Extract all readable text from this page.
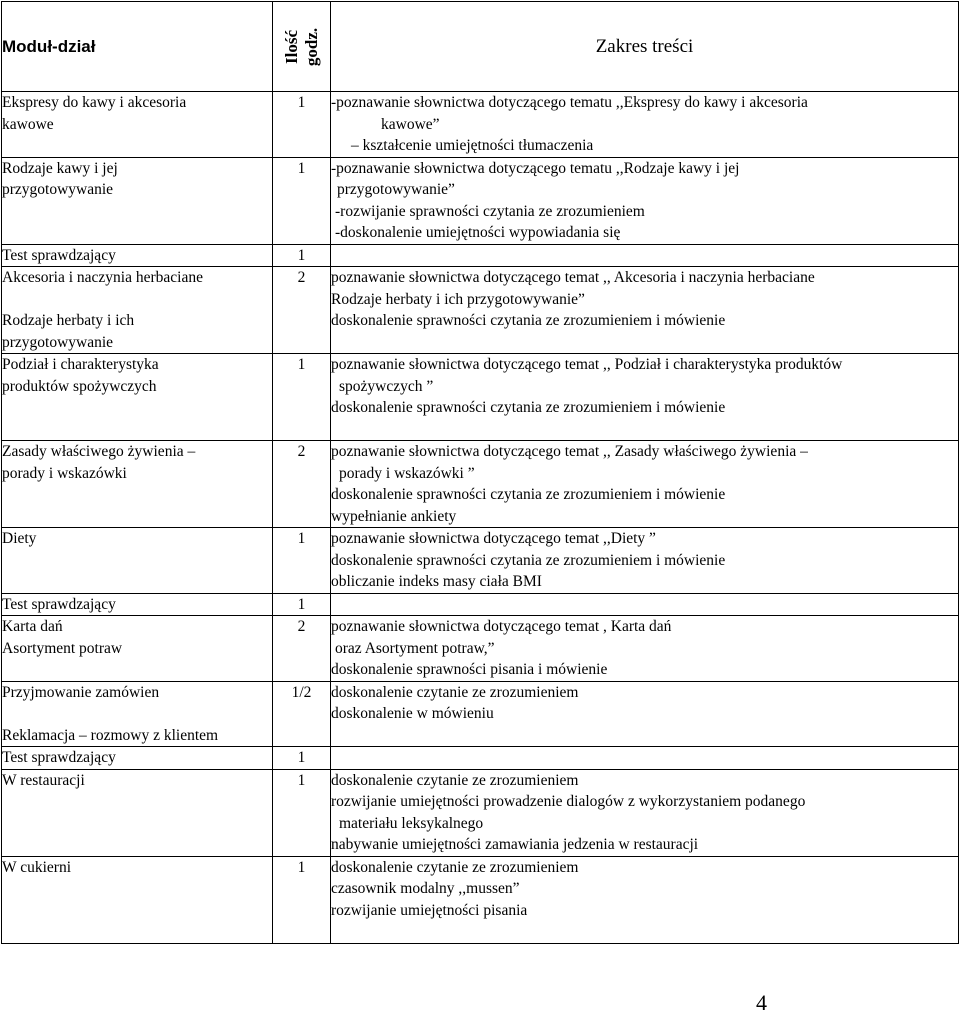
Moduł-dział	Ilość godz.	Zakres treści

Ekspresy do kawy i akcesoria
kawowe	1	-poznawanie słownictwa dotyczącego tematu ,,Ekspresy do kawy i akcesoria
kawowe”
– kształcenie umiejętności tłumaczenia

Rodzaje kawy i jej
przygotowywanie	1	-poznawanie słownictwa dotyczącego tematu ,,Rodzaje kawy i jej
przygotowywanie”
-rozwijanie sprawności czytania ze zrozumieniem
-doskonalenie umiejętności wypowiadania się

Test sprawdzający	1	

Akcesoria i naczynia herbaciane

Rodzaje herbaty i ich
przygotowywanie	2	poznawanie słownictwa dotyczącego temat ,, Akcesoria i naczynia herbaciane
Rodzaje herbaty i ich przygotowywanie”
doskonalenie sprawności czytania ze zrozumieniem i mówienie

Podział i charakterystyka
produktów spożywczych	1	poznawanie słownictwa dotyczącego temat ,, Podział i charakterystyka produktów
spożywczych ”
doskonalenie sprawności czytania ze zrozumieniem i mówienie

Zasady właściwego żywienia –
porady i wskazówki	2	poznawanie słownictwa dotyczącego temat ,, Zasady właściwego żywienia –
porady i wskazówki ”
doskonalenie sprawności czytania ze zrozumieniem i mówienie
wypełnianie ankiety

Diety	1	poznawanie słownictwa dotyczącego temat ,,Diety ”
doskonalenie sprawności czytania ze zrozumieniem i mówienie
obliczanie indeks masy ciała BMI

Test sprawdzający	1	

Karta dań
Asortyment potraw	2	poznawanie słownictwa dotyczącego temat , Karta dań
oraz Asortyment potraw,”
doskonalenie sprawności pisania i mówienie

Przyjmowanie zamówien

Reklamacja – rozmowy z klientem	1/2	doskonalenie czytanie ze zrozumieniem
doskonalenie w mówieniu

Test sprawdzający	1	

W restauracji	1	doskonalenie czytanie ze zrozumieniem
rozwijanie umiejętności prowadzenie dialogów z wykorzystaniem podanego
materiału leksykalnego
nabywanie umiejętności zamawiania jedzenia w restauracji

W cukierni	1	doskonalenie czytanie ze zrozumieniem
czasownik modalny ,,mussen”
rozwijanie umiejętności pisania

4
